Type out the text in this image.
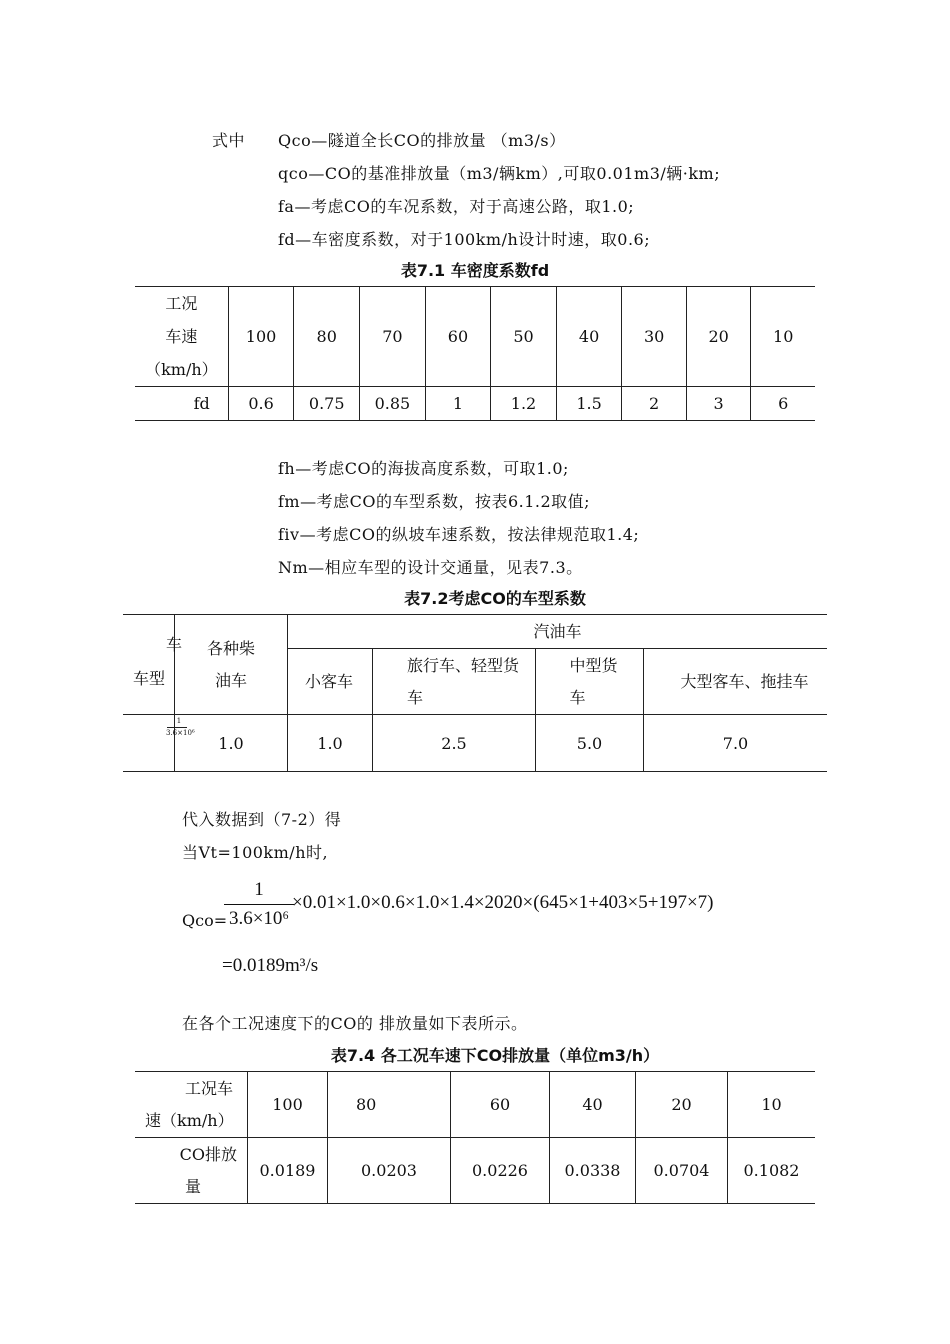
式中 Qco—隧道全长CO的排放量 （m3/s）
qco—CO的基准排放量（m3/辆km）,可取0.01m3/辆·km;
fa—考虑CO的车况系数，对于高速公路，取1.0;
fd—车密度系数，对于100km/h设计时速，取0.6;
表7.1 车密度系数fd
工况
车速
（km/h）	100	80	70	60	50	40	30	20	10
fd	0.6	0.75	0.85	1	1.2	1.5	2	3	6
fh—考虑CO的海拔高度系数，可取1.0;
fm—考虑CO的车型系数，按表6.1.2取值;
fiv—考虑CO的纵坡车速系数，按法律规范取1.4;
Nm—相应车型的设计交通量，见表7.3。
表7.2考虑CO的车型系数
车
车型	各种柴油车	汽油车			

		小客车	旅行车、轻型货车	中型货车	大型客车、拖挂车

1
3.6×10⁶	1.0	1.0	2.5	5.0	7.0
代入数据到（7-2）得
当Vt=100km/h时,
Qco=
1
3.6×10⁶
×0.01×1.0×0.6×1.0×1.4×2020×(645×1+403×5+197×7)
=0.0189m³/s
在各个工况速度下的CO的 排放量如下表所示。
表7.4 各工况车速下CO排放量（单位m3/h）
工况车
速（km/h）	100	80	60	40	20	10

CO排放
量	0.0189	0.0203	0.0226	0.0338	0.0704	0.1082
